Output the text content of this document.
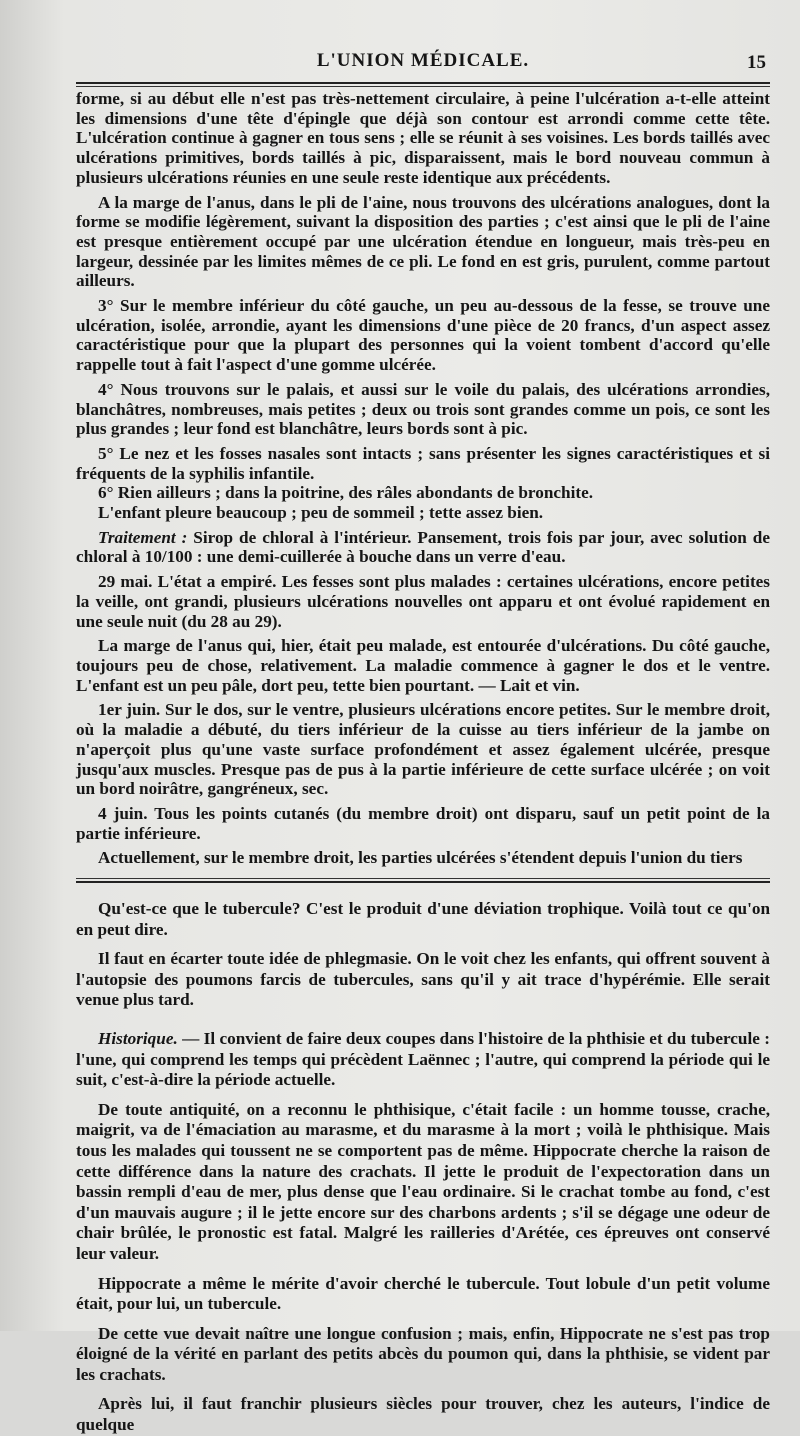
L'UNION MÉDICALE.	15

forme, si au début elle n'est pas très-nettement circulaire, à peine l'ulcération a-t-elle atteint les dimensions d'une tête d'épingle que déjà son contour est arrondi comme cette tête. L'ulcération continue à gagner en tous sens ; elle se réunit à ses voisines. Les bords taillés avec ulcérations primitives, bords taillés à pic, disparaissent, mais le bord nouveau commun à plusieurs ulcérations réunies en une seule reste identique aux précédents.

A la marge de l'anus, dans le pli de l'aine, nous trouvons des ulcérations analogues, dont la forme se modifie légèrement, suivant la disposition des parties ; c'est ainsi que le pli de l'aine est presque entièrement occupé par une ulcération étendue en longueur, mais très-peu en largeur, dessinée par les limites mêmes de ce pli. Le fond en est gris, purulent, comme partout ailleurs.

3° Sur le membre inférieur du côté gauche, un peu au-dessous de la fesse, se trouve une ulcération, isolée, arrondie, ayant les dimensions d'une pièce de 20 francs, d'un aspect assez caractéristique pour que la plupart des personnes qui la voient tombent d'accord qu'elle rappelle tout à fait l'aspect d'une gomme ulcérée.

4° Nous trouvons sur le palais, et aussi sur le voile du palais, des ulcérations arrondies, blanchâtres, nombreuses, mais petites ; deux ou trois sont grandes comme un pois, ce sont les plus grandes ; leur fond est blanchâtre, leurs bords sont à pic.

5° Le nez et les fosses nasales sont intacts ; sans présenter les signes caractéristiques et si fréquents de la syphilis infantile.

6° Rien ailleurs ; dans la poitrine, des râles abondants de bronchite.

L'enfant pleure beaucoup ; peu de sommeil ; tette assez bien.

Traitement : Sirop de chloral à l'intérieur. Pansement, trois fois par jour, avec solution de chloral à 10/100 : une demi-cuillerée à bouche dans un verre d'eau.

29 mai. L'état a empiré. Les fesses sont plus malades : certaines ulcérations, encore petites la veille, ont grandi, plusieurs ulcérations nouvelles ont apparu et ont évolué rapidement en une seule nuit (du 28 au 29).

La marge de l'anus qui, hier, était peu malade, est entourée d'ulcérations. Du côté gauche, toujours peu de chose, relativement. La maladie commence à gagner le dos et le ventre. L'enfant est un peu pâle, dort peu, tette bien pourtant. — Lait et vin.

1er juin. Sur le dos, sur le ventre, plusieurs ulcérations encore petites. Sur le membre droit, où la maladie a débuté, du tiers inférieur de la cuisse au tiers inférieur de la jambe on n'aperçoit plus qu'une vaste surface profondément et assez également ulcérée, presque jusqu'aux muscles. Presque pas de pus à la partie inférieure de cette surface ulcérée ; on voit un bord noirâtre, gangréneux, sec.

4 juin. Tous les points cutanés (du membre droit) ont disparu, sauf un petit point de la partie inférieure.

Actuellement, sur le membre droit, les parties ulcérées s'étendent depuis l'union du tiers

Qu'est-ce que le tubercule? C'est le produit d'une déviation trophique. Voilà tout ce qu'on en peut dire.

Il faut en écarter toute idée de phlegmasie. On le voit chez les enfants, qui offrent souvent à l'autopsie des poumons farcis de tubercules, sans qu'il y ait trace d'hypérémie. Elle serait venue plus tard.

Historique. — Il convient de faire deux coupes dans l'histoire de la phthisie et du tubercule : l'une, qui comprend les temps qui précèdent Laënnec ; l'autre, qui comprend la période qui le suit, c'est-à-dire la période actuelle.

De toute antiquité, on a reconnu le phthisique, c'était facile : un homme tousse, crache, maigrit, va de l'émaciation au marasme, et du marasme à la mort ; voilà le phthisique. Mais tous les malades qui toussent ne se comportent pas de même. Hippocrate cherche la raison de cette différence dans la nature des crachats. Il jette le produit de l'expectoration dans un bassin rempli d'eau de mer, plus dense que l'eau ordinaire. Si le crachat tombe au fond, c'est d'un mauvais augure ; il le jette encore sur des charbons ardents ; s'il se dégage une odeur de chair brûlée, le pronostic est fatal. Malgré les railleries d'Arétée, ces épreuves ont conservé leur valeur.

Hippocrate a même le mérite d'avoir cherché le tubercule. Tout lobule d'un petit volume était, pour lui, un tubercule.

De cette vue devait naître une longue confusion ; mais, enfin, Hippocrate ne s'est pas trop éloigné de la vérité en parlant des petits abcès du poumon qui, dans la phthisie, se vident par les crachats.

Après lui, il faut franchir plusieurs siècles pour trouver, chez les auteurs, l'indice de quelque
